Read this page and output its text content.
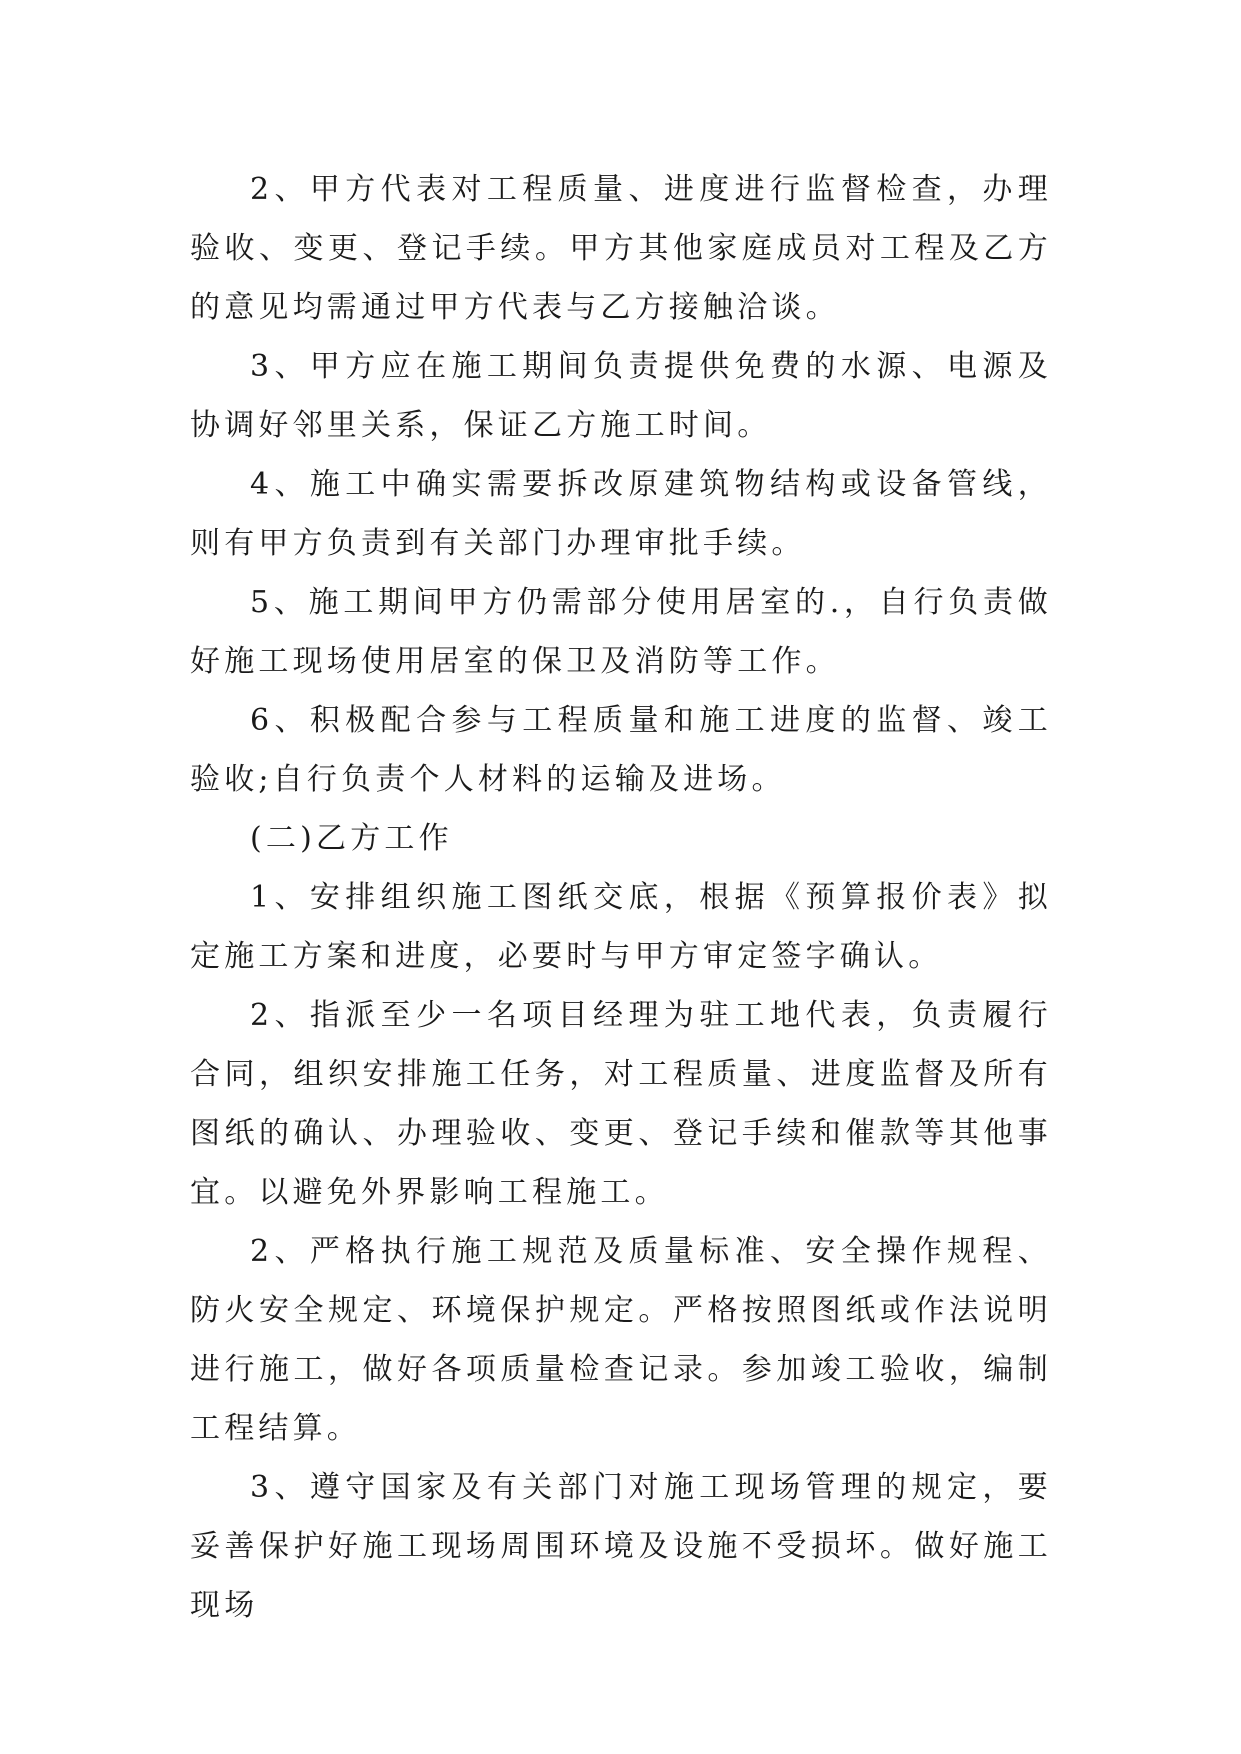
2、甲方代表对工程质量、进度进行监督检查，办理验收、变更、登记手续。甲方其他家庭成员对工程及乙方的意见均需通过甲方代表与乙方接触洽谈。

3、甲方应在施工期间负责提供免费的水源、电源及协调好邻里关系，保证乙方施工时间。

4、施工中确实需要拆改原建筑物结构或设备管线，则有甲方负责到有关部门办理审批手续。

5、施工期间甲方仍需部分使用居室的.，自行负责做好施工现场使用居室的保卫及消防等工作。

6、积极配合参与工程质量和施工进度的监督、竣工验收;自行负责个人材料的运输及进场。

(二)乙方工作

1、安排组织施工图纸交底，根据《预算报价表》拟定施工方案和进度，必要时与甲方审定签字确认。

2、指派至少一名项目经理为驻工地代表，负责履行合同，组织安排施工任务，对工程质量、进度监督及所有图纸的确认、办理验收、变更、登记手续和催款等其他事宜。以避免外界影响工程施工。

2、严格执行施工规范及质量标准、安全操作规程、防火安全规定、环境保护规定。严格按照图纸或作法说明进行施工，做好各项质量检查记录。参加竣工验收，编制工程结算。

3、遵守国家及有关部门对施工现场管理的规定，要妥善保护好施工现场周围环境及设施不受损坏。做好施工现场
